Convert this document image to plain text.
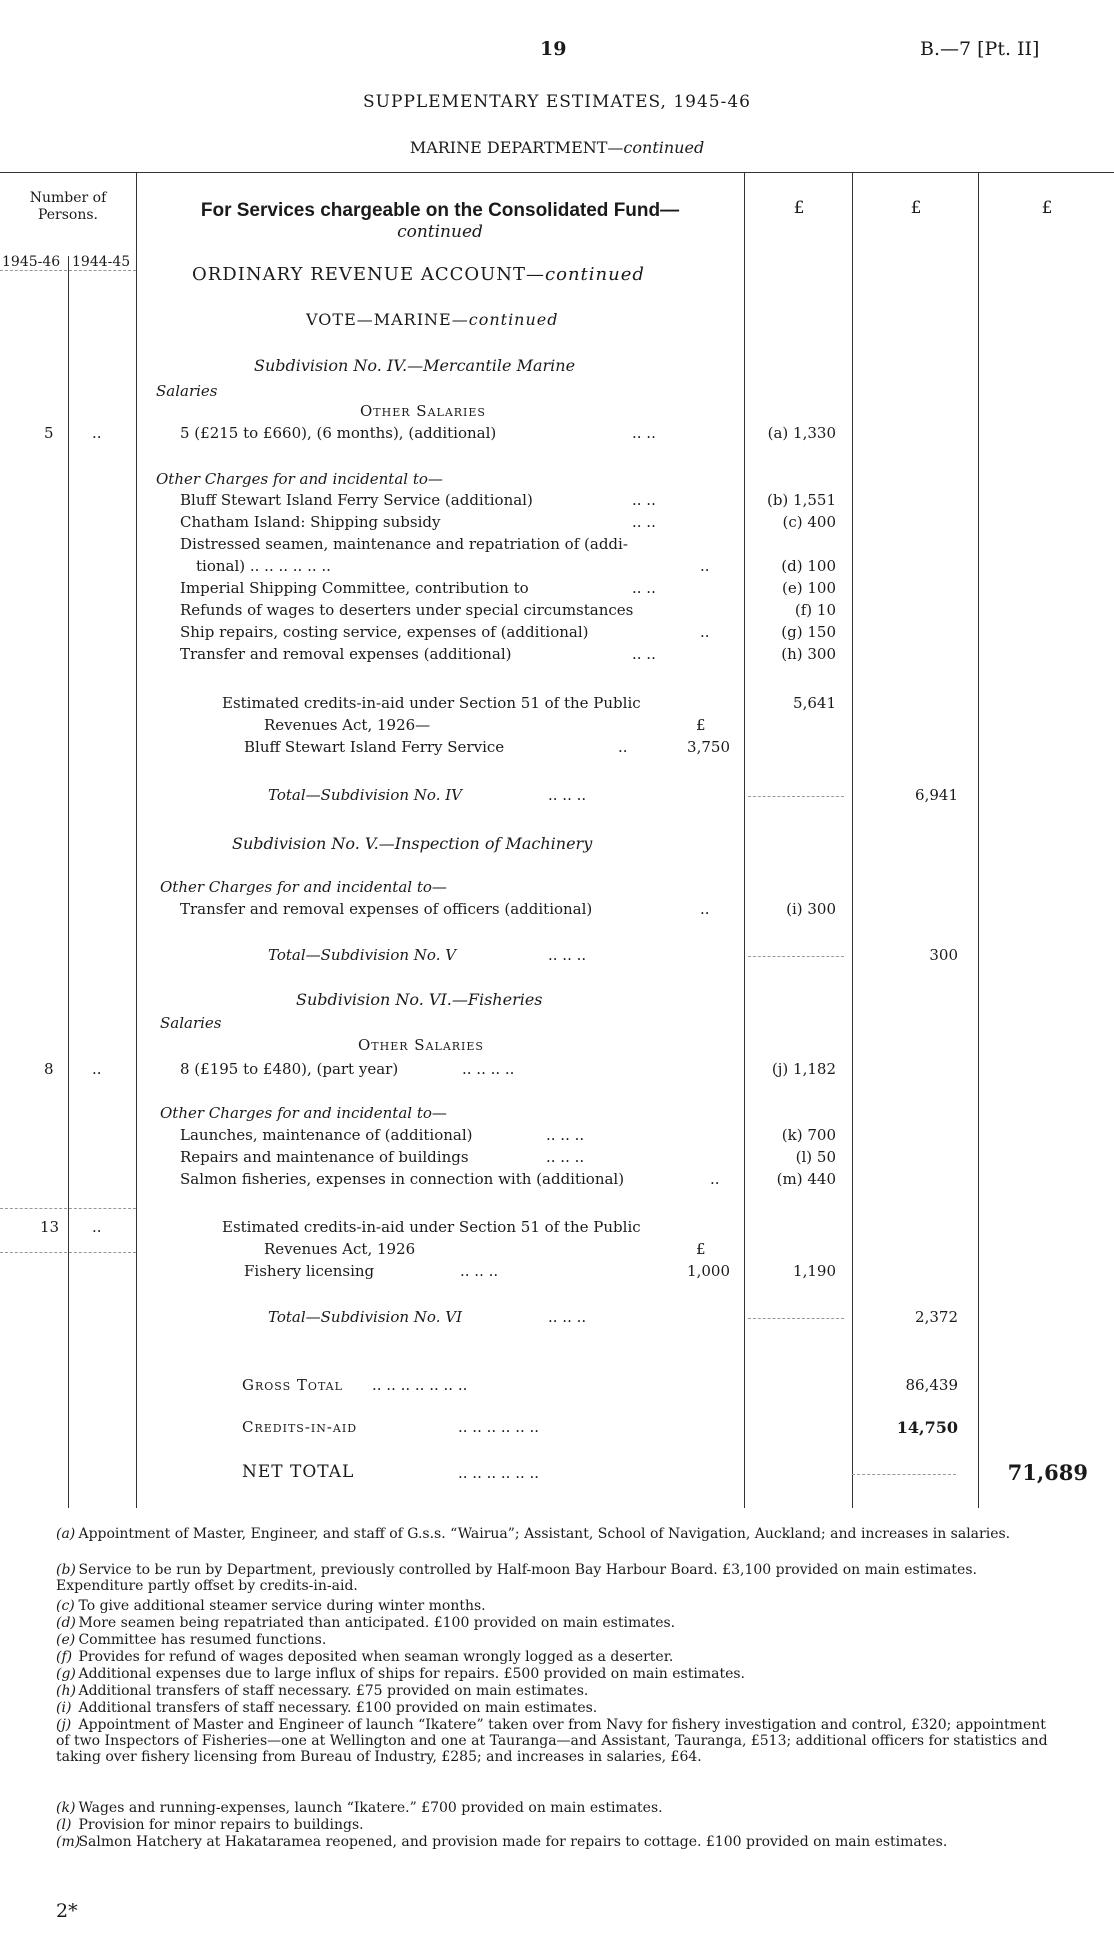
19	B.—7 [Pt. II]
SUPPLEMENTARY ESTIMATES, 1945-46
MARINE DEPARTMENT—continued
Number of Persons.
1945-46 1944-45
For Services chargeable on the Consolidated Fund—
continued
£	£	£
ORDINARY REVENUE ACCOUNT—continued
VOTE—MARINE—continued
Subdivision No. IV.—Mercantile Marine
Salaries
Other Salaries
5	..	5 (£215 to £660), (6 months), (additional)	.. ..	(a) 1,330
Other Charges for and incidental to—
Bluff Stewart Island Ferry Service (additional)	.. ..	(b) 1,551
Chatham Island: Shipping subsidy	.. ..	(c) 400
Distressed seamen, maintenance and repatriation of (addi-
tional) .. .. .. .. .. ..	..	(d) 100
Imperial Shipping Committee, contribution to	.. ..	(e) 100
Refunds of wages to deserters under special circumstances	(f) 10
Ship repairs, costing service, expenses of (additional)	..	(g) 150
Transfer and removal expenses (additional)	.. ..	(h) 300
Estimated credits-in-aid under Section 51 of the Public	5,641
Revenues Act, 1926—	£
Bluff Stewart Island Ferry Service	..	3,750
Total—Subdivision No. IV	.. .. ..	6,941
Subdivision No. V.—Inspection of Machinery
Other Charges for and incidental to—
Transfer and removal expenses of officers (additional)	..	(i) 300
Total—Subdivision No. V	.. .. ..	300
Subdivision No. VI.—Fisheries
Salaries
Other Salaries
8	..	8 (£195 to £480), (part year)	.. .. .. ..	(j) 1,182
Other Charges for and incidental to—
Launches, maintenance of (additional)	.. .. ..	(k) 700
Repairs and maintenance of buildings	.. .. ..	(l) 50
Salmon fisheries, expenses in connection with (additional)	..	(m) 440
13 ..	Estimated credits-in-aid under Section 51 of the Public
Revenues Act, 1926	£
Fishery licensing	.. .. ..	1,000	1,190
Total—Subdivision No. VI	.. .. ..	2,372
Gross Total .. .. .. .. .. .. ..	86,439
Credits-in-aid	.. .. .. .. .. ..	14,750
NET TOTAL	.. .. .. .. .. ..	71,689
(a) Appointment of Master, Engineer, and staff of G.s.s. “Wairua”; Assistant, School of Navigation, Auckland; and increases in salaries.
(b) Service to be run by Department, previously controlled by Half-moon Bay Harbour Board. £3,100 provided on main estimates. Expenditure partly offset by credits-in-aid.
(c) To give additional steamer service during winter months.
(d) More seamen being repatriated than anticipated. £100 provided on main estimates.
(e) Committee has resumed functions.
(f) Provides for refund of wages deposited when seaman wrongly logged as a deserter.
(g) Additional expenses due to large influx of ships for repairs. £500 provided on main estimates.
(h) Additional transfers of staff necessary. £75 provided on main estimates.
(i) Additional transfers of staff necessary. £100 provided on main estimates.
(j) Appointment of Master and Engineer of launch “Ikatere” taken over from Navy for fishery investigation and control, £320; appointment of two Inspectors of Fisheries—one at Wellington and one at Tauranga—and Assistant, Tauranga, £513; additional officers for statistics and taking over fishery licensing from Bureau of Industry, £285; and increases in salaries, £64.
(k) Wages and running-expenses, launch “Ikatere.” £700 provided on main estimates.
(l) Provision for minor repairs to buildings.
(m) Salmon Hatchery at Hakataramea reopened, and provision made for repairs to cottage. £100 provided on main estimates.
2*
